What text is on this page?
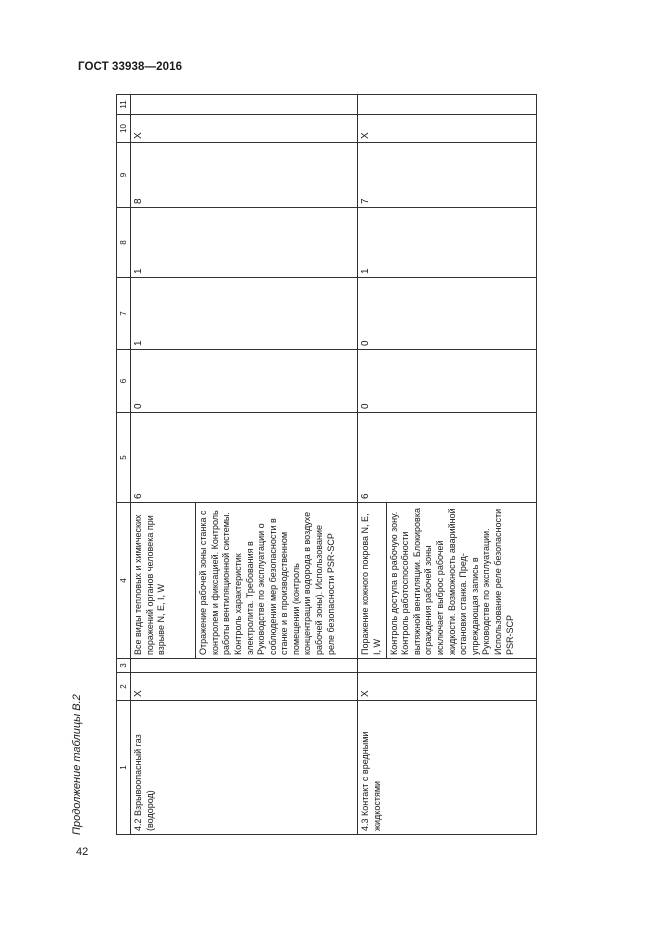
ГОСТ 33938—2016
Продолжение таблицы В.2	1	2	3	4	5	6	7	8	9	10	11
4.2 Взрывоопасный газ (водород)	X		Все виды тепловых и химических поражений органов человека при взрыве N, E, I, W	6	0	1	1	8	X	
			Отражение рабочей зоны станка с контролем и фиксацией. Контроль работы вентиляционной системы. Контроль характеристик электролита. Требования в Руководстве по эксплуатации о соблюдении мер безопасности в станке и в производственном помещении (контроль концентрации водорода в воздухе рабочей зоны). Использование реле безопасности PSR-SCP							
4.3 Контакт с вредными жидкостями	X		Поражение кожного покрова N, E, I, W	6	0	0	1	7	X	
			Контроль доступа в рабочую зону. Контроль работоспособности вытяжной вентиляции. Блокировка ограждения рабочей зоны исключает выброс рабочей жидкости. Возможность аварийной остановки станка. Предупреждающая запись в Руководстве по эксплуатации. Использование реле безопасности PSR-SCP							
42
